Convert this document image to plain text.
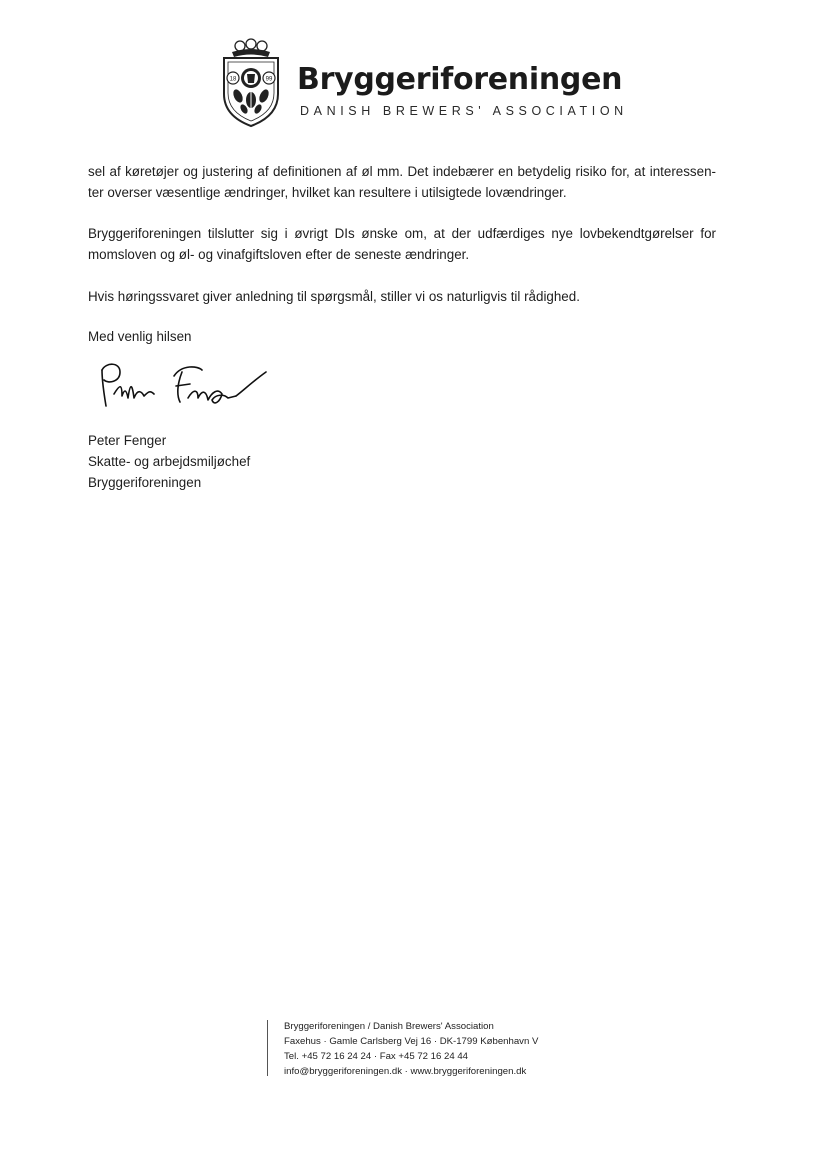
18	99 Bryggeriforeningen
DANISH BREWERS' ASSOCIATION

sel af køretøjer og justering af definitionen af øl mm. Det indebærer en betydelig risiko for, at interessen-
ter overser væsentlige ændringer, hvilket kan resultere i utilsigtede lovændringer.

Bryggeriforeningen tilslutter sig i øvrigt DIs ønske om, at der udfærdiges nye lovbekendtgørelser for
momsloven og øl- og vinafgiftsloven efter de seneste ændringer.

Hvis høringssvaret giver anledning til spørgsmål, stiller vi os naturligvis til rådighed.

Med venlig hilsen

Peter Fenger
Skatte- og arbejdsmiljøchef
Bryggeriforeningen
Bryggeriforeningen / Danish Brewers' Association
Faxehus · Gamle Carlsberg Vej 16 · DK-1799 København V
Tel. +45 72 16 24 24 · Fax +45 72 16 24 44
info@bryggeriforeningen.dk · www.bryggeriforeningen.dk
